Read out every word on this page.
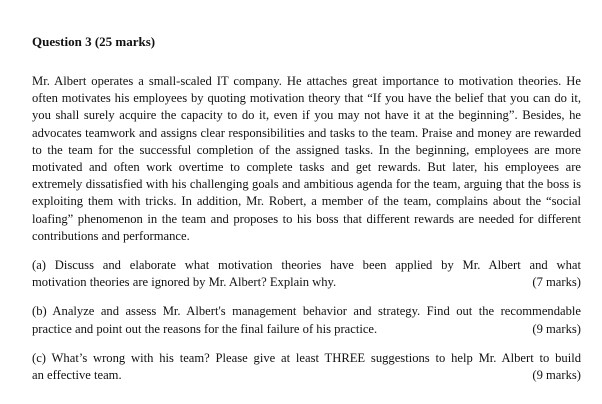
Question 3 (25 marks)

Mr. Albert operates a small-scaled IT company. He attaches great importance to motivation theories. He often motivates his employees by quoting motivation theory that “If you have the belief that you can do it, you shall surely acquire the capacity to do it, even if you may not have it at the beginning”. Besides, he advocates teamwork and assigns clear responsibilities and tasks to the team. Praise and money are rewarded to the team for the successful completion of the assigned tasks. In the beginning, employees are more motivated and often work overtime to complete tasks and get rewards. But later, his employees are extremely dissatisfied with his challenging goals and ambitious agenda for the team, arguing that the boss is exploiting them with tricks. In addition, Mr. Robert, a member of the team, complains about the “social loafing” phenomenon in the team and proposes to his boss that different rewards are needed for different contributions and performance.

(a) Discuss and elaborate what motivation theories have been applied by Mr. Albert and what
motivation theories are ignored by Mr. Albert? Explain why.	(7 marks)
(b) Analyze and assess Mr. Albert's management behavior and strategy. Find out the recommendable
practice and point out the reasons for the final failure of his practice.	(9 marks)
(c) What’s wrong with his team? Please give at least THREE suggestions to help Mr. Albert to build
an effective team.	(9 marks)
